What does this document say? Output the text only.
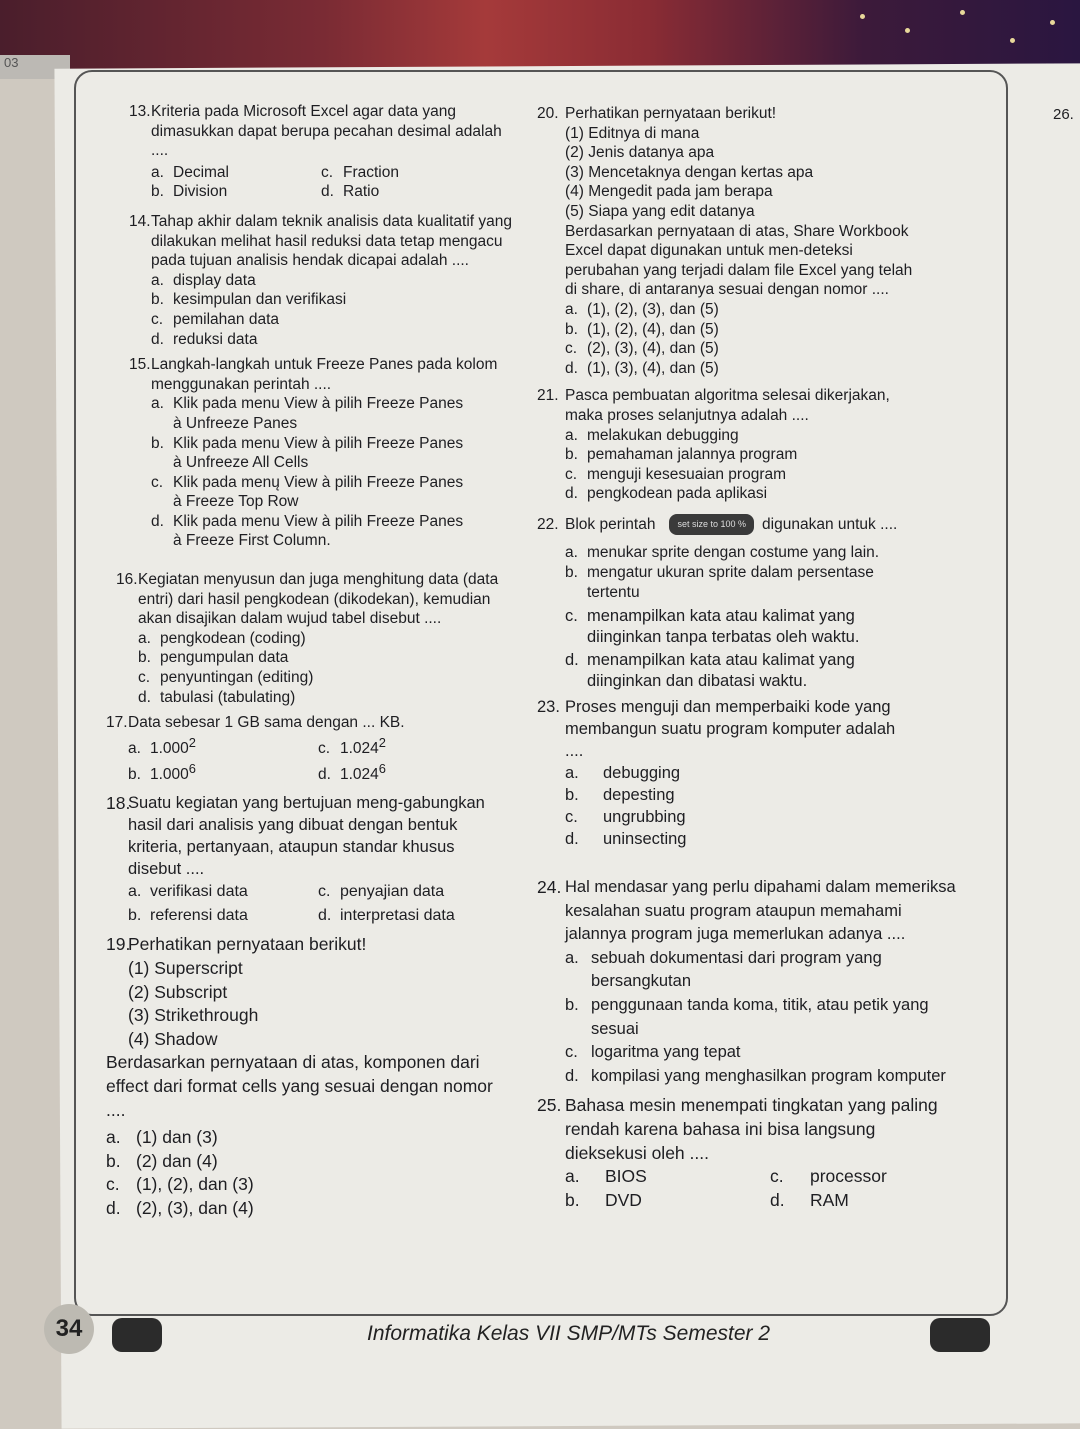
03
26.
13. Kriteria pada Microsoft Excel agar data yang dimasukkan dapat berupa pecahan desimal adalah ....
a. Decimal	c. Fraction
b. Division	d. Ratio
14. Tahap akhir dalam teknik analisis data kualitatif yang dilakukan melihat hasil reduksi data tetap mengacu pada tujuan analisis hendak dicapai adalah ....
a. display data
b. kesimpulan dan verifikasi
c. pemilahan data
d. reduksi data
15. Langkah-langkah untuk Freeze Panes pada kolom menggunakan perintah ....
a. Klik pada menu View à pilih Freeze Panes
à Unfreeze Panes
b. Klik pada menu View à pilih Freeze Panes
à Unfreeze All Cells
c. Klik pada menų View à pilih Freeze Panes
à Freeze Top Row
d. Klik pada menu View à pilih Freeze Panes
à Freeze First Column.
16. Kegiatan menyusun dan juga menghitung data (data entri) dari hasil pengkodean (dikodekan), kemudian akan disajikan dalam wujud tabel disebut ....
a. pengkodean (coding)
b. pengumpulan data
c. penyuntingan (editing)
d. tabulasi (tabulating)
17. Data sebesar 1 GB sama dengan ... KB.
a. 1.000$^2$	c. 1.024$^2$
b. 1.000$^6$	d. 1.024$^6$
18.
Suatu kegiatan yang bertujuan meng-gabungkan hasil dari analisis yang dibuat dengan bentuk kriteria, pertanyaan, ataupun standar khusus disebut ....
a. verifikasi data	c. penyajian data
b. referensi data	d. interpretasi data
19.
Perhatikan pernyataan berikut!
(1) Superscript
(2) Subscript
(3) Strikethrough
(4) Shadow
Berdasarkan pernyataan di atas, komponen dari effect dari format cells yang sesuai dengan nomor ....
a. (1) dan (3)
b. (2) dan (4)
c. (1), (2), dan (3)
d. (2), (3), dan (4)
20. Perhatikan pernyataan berikut!
(1) Editnya di mana
(2) Jenis datanya apa
(3) Mencetaknya dengan kertas apa
(4) Mengedit pada jam berapa
(5) Siapa yang edit datanya
Berdasarkan pernyataan di atas, Share Workbook Excel dapat digunakan untuk men-deteksi perubahan yang terjadi dalam file Excel yang telah di share, di antaranya sesuai dengan nomor ....
a. (1), (2), (3), dan (5)
b. (1), (2), (4), dan (5)
c. (2), (3), (4), dan (5)
d. (1), (3), (4), dan (5)
21. Pasca pembuatan algoritma selesai dikerjakan, maka proses selanjutnya adalah ....
a. melakukan debugging
b. pemahaman jalannya program
c. menguji kesesuaian program
d. pengkodean pada aplikasi
22. Blok perintah	set size to 100 %	digunakan untuk ....
a. menukar sprite dengan costume yang lain.
b. mengatur ukuran sprite dalam persentase tertentu
c. menampilkan kata atau kalimat yang diinginkan tanpa terbatas oleh waktu.
d. menampilkan kata atau kalimat yang diinginkan dan dibatasi waktu.
23. Proses menguji dan memperbaiki kode yang membangun suatu program komputer adalah ....
a. debugging
b. depesting
c. ungrubbing
d. uninsecting
24. Hal mendasar yang perlu dipahami dalam memeriksa kesalahan suatu program ataupun memahami jalannya program juga memerlukan adanya ....
a. sebuah dokumentasi dari program yang bersangkutan
b. penggunaan tanda koma, titik, atau petik yang sesuai
c. logaritma yang tepat
d. kompilasi yang menghasilkan program komputer
25. Bahasa mesin menempati tingkatan yang paling rendah karena bahasa ini bisa langsung dieksekusi oleh ....
a. BIOS	c. processor
b. DVD	d. RAM
34	Informatika Kelas VII SMP/MTs Semester 2
